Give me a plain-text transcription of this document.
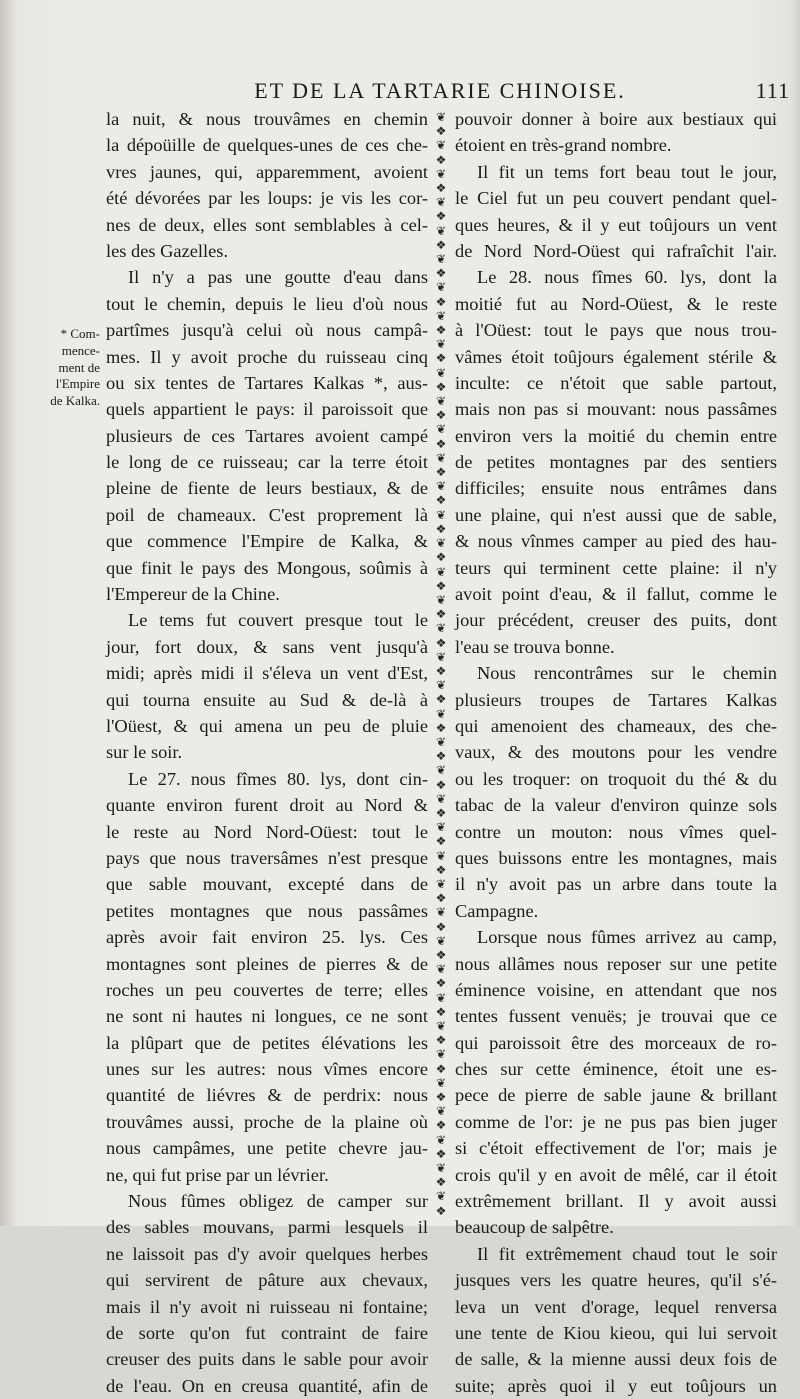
ET DE LA TARTARIE CHINOISE.	111
* Com-
mence-
ment de
l'Empire
de Kalka.
la nuit, & nous trouvâmes en chemin
la dépoüille de quelques-unes de ces che-
vres jaunes, qui, apparemment, avoient
été dévorées par les loups: je vis les cor-
nes de deux, elles sont semblables à cel-
les des Gazelles.
Il n'y a pas une goutte d'eau dans
tout le chemin, depuis le lieu d'où nous
partîmes jusqu'à celui où nous campâ-
mes. Il y avoit proche du ruisseau cinq
ou six tentes de Tartares Kalkas *, aus-
quels appartient le pays: il paroissoit que
plusieurs de ces Tartares avoient campé
le long de ce ruisseau; car la terre étoit
pleine de fiente de leurs bestiaux, & de
poil de chameaux. C'est proprement là
que commence l'Empire de Kalka, &
que finit le pays des Mongous, soûmis à
l'Empereur de la Chine.
Le tems fut couvert presque tout le
jour, fort doux, & sans vent jusqu'à
midi; après midi il s'éleva un vent d'Est,
qui tourna ensuite au Sud & de-là à
l'Oüest, & qui amena un peu de pluie
sur le soir.
Le 27. nous fîmes 80. lys, dont cin-
quante environ furent droit au Nord &
le reste au Nord Nord-Oüest: tout le
pays que nous traversâmes n'est presque
que sable mouvant, excepté dans de
petites montagnes que nous passâmes
après avoir fait environ 25. lys. Ces
montagnes sont pleines de pierres & de
roches un peu couvertes de terre; elles
ne sont ni hautes ni longues, ce ne sont
la plûpart que de petites élévations les
unes sur les autres: nous vîmes encore
quantité de liévres & de perdrix: nous
trouvâmes aussi, proche de la plaine où
nous campâmes, une petite chevre jau-
ne, qui fut prise par un lévrier.
Nous fûmes obligez de camper sur
des sables mouvans, parmi lesquels il
ne laissoit pas d'y avoir quelques herbes
qui servirent de pâture aux chevaux,
mais il n'y avoit ni ruisseau ni fontaine;
de sorte qu'on fut contraint de faire
creuser des puits dans le sable pour avoir
de l'eau. On en creusa quantité, afin de
❦
❖
❦
❖
❦
❖
❦
❖
❦
❖
❦
❖
❦
❖
❦
❖
❦
❖
❦
❖
❦
❖
❦
❖
❦
❖
❦
❖
❦
❖
❦
❖
❦
❖
❦
❖
❦
❖
❦
❖
❦
❖
❦
❖
❦
❖
❦
❖
❦
❖
❦
❖
❦
❖
❦
❖
❦
❖
❦
❖
❦
❖
❦
❖
❦
❖
❦
❖
❦
❖
❦
❖
❦
❖
❦
❖
❦
❖

pouvoir donner à boire aux bestiaux qui
étoient en très-grand nombre.
Il fit un tems fort beau tout le jour,
le Ciel fut un peu couvert pendant quel-
ques heures, & il y eut toûjours un vent
de Nord Nord-Oüest qui rafraîchit l'air.
Le 28. nous fîmes 60. lys, dont la
moitié fut au Nord-Oüest, & le reste
à l'Oüest: tout le pays que nous trou-
vâmes étoit toûjours également stérile &
inculte: ce n'étoit que sable partout,
mais non pas si mouvant: nous passâmes
environ vers la moitié du chemin entre
de petites montagnes par des sentiers
difficiles; ensuite nous entrâmes dans
une plaine, qui n'est aussi que de sable,
& nous vînmes camper au pied des hau-
teurs qui terminent cette plaine: il n'y
avoit point d'eau, & il fallut, comme le
jour précédent, creuser des puits, dont
l'eau se trouva bonne.
Nous rencontrâmes sur le chemin
plusieurs troupes de Tartares Kalkas
qui amenoient des chameaux, des che-
vaux, & des moutons pour les vendre
ou les troquer: on troquoit du thé & du
tabac de la valeur d'environ quinze sols
contre un mouton: nous vîmes quel-
ques buissons entre les montagnes, mais
il n'y avoit pas un arbre dans toute la
Campagne.
Lorsque nous fûmes arrivez au camp,
nous allâmes nous reposer sur une petite
éminence voisine, en attendant que nos
tentes fussent venuës; je trouvai que ce
qui paroissoit être des morceaux de ro-
ches sur cette éminence, étoit une es-
pece de pierre de sable jaune & brillant
comme de l'or: je ne pus pas bien juger
si c'étoit effectivement de l'or; mais je
crois qu'il y en avoit de mêlé, car il étoit
extrêmement brillant. Il y avoit aussi
beaucoup de salpêtre.
Il fit extrêmement chaud tout le soir
jusques vers les quatre heures, qu'il s'é-
leva un vent d'orage, lequel renversa
une tente de Kiou kieou, qui lui servoit
de salle, & la mienne aussi deux fois de
suite; après quoi il y eut toûjours un
